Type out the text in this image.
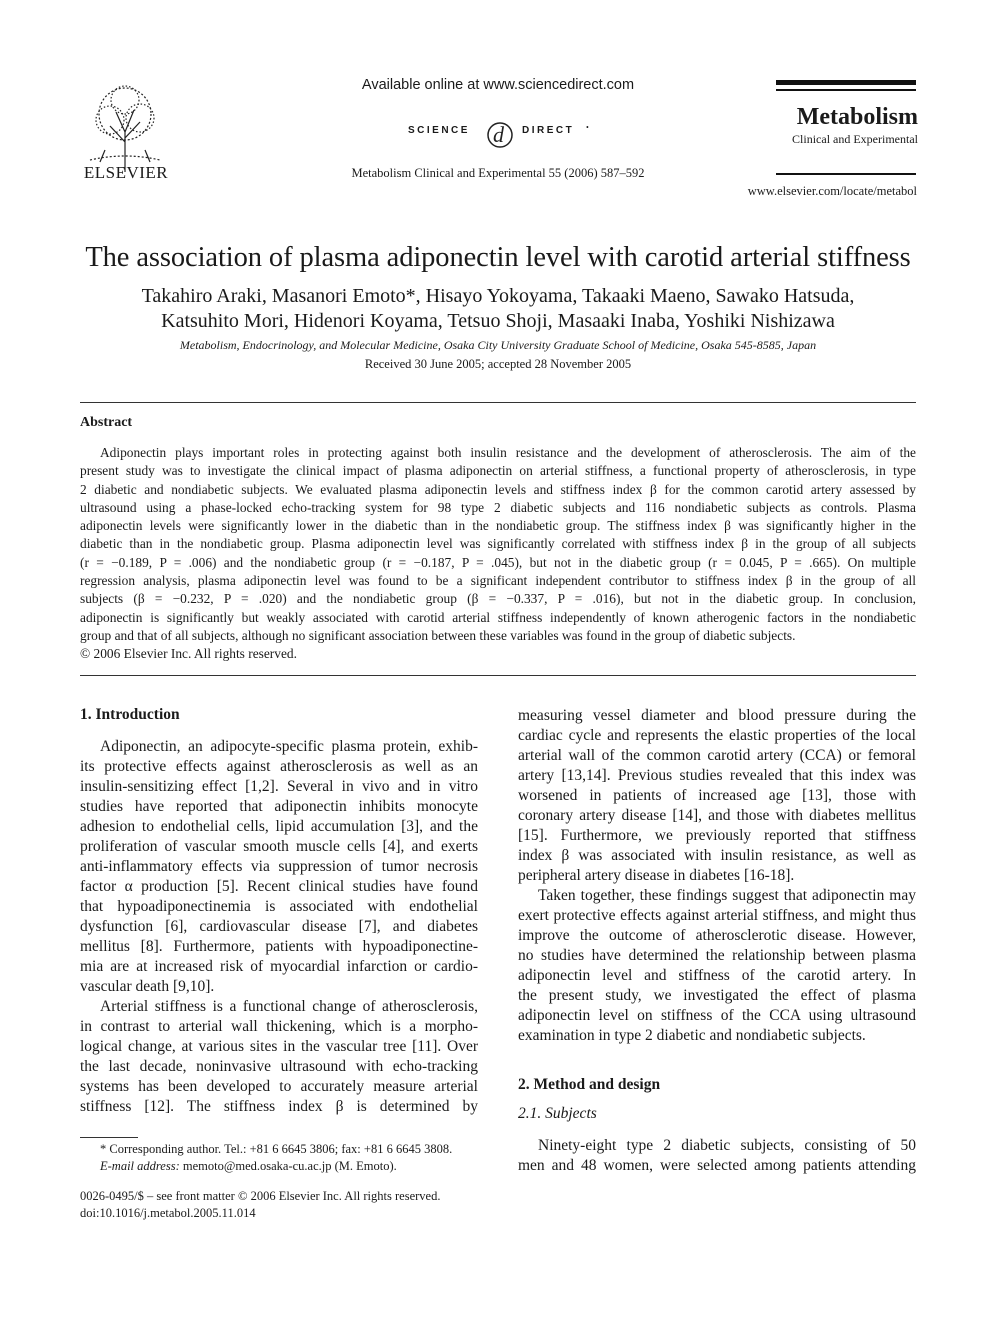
ELSEVIER
Available online at www.sciencedirect.com
SCIENCE d DIRECT •
Metabolism Clinical and Experimental 55 (2006) 587–592
Metabolism
Clinical and Experimental
www.elsevier.com/locate/metabol
The association of plasma adiponectin level with carotid arterial stiffness
Takahiro Araki, Masanori Emoto*, Hisayo Yokoyama, Takaaki Maeno, Sawako Hatsuda,
Katsuhito Mori, Hidenori Koyama, Tetsuo Shoji, Masaaki Inaba, Yoshiki Nishizawa
Metabolism, Endocrinology, and Molecular Medicine, Osaka City University Graduate School of Medicine, Osaka 545-8585, Japan
Received 30 June 2005; accepted 28 November 2005
Abstract
Adiponectin plays important roles in protecting against both insulin resistance and the development of atherosclerosis. The aim of the
present study was to investigate the clinical impact of plasma adiponectin on arterial stiffness, a functional property of atherosclerosis, in type
2 diabetic and nondiabetic subjects. We evaluated plasma adiponectin levels and stiffness index β for the common carotid artery assessed by
ultrasound using a phase-locked echo-tracking system for 98 type 2 diabetic subjects and 116 nondiabetic subjects as controls. Plasma
adiponectin levels were significantly lower in the diabetic than in the nondiabetic group. The stiffness index β was significantly higher in the
diabetic than in the nondiabetic group. Plasma adiponectin level was significantly correlated with stiffness index β in the group of all subjects
(r = −0.189, P = .006) and the nondiabetic group (r = −0.187, P = .045), but not in the diabetic group (r = 0.045, P = .665). On multiple
regression analysis, plasma adiponectin level was found to be a significant independent contributor to stiffness index β in the group of all
subjects (β = −0.232, P = .020) and the nondiabetic group (β = −0.337, P = .016), but not in the diabetic group. In conclusion,
adiponectin is significantly but weakly associated with carotid arterial stiffness independently of known atherogenic factors in the nondiabetic
group and that of all subjects, although no significant association between these variables was found in the group of diabetic subjects.
© 2006 Elsevier Inc. All rights reserved.
1. Introduction
Adiponectin, an adipocyte-specific plasma protein, exhib-
its protective effects against atherosclerosis as well as an
insulin-sensitizing effect [1,2]. Several in vivo and in vitro
studies have reported that adiponectin inhibits monocyte
adhesion to endothelial cells, lipid accumulation [3], and the
proliferation of vascular smooth muscle cells [4], and exerts
anti-inflammatory effects via suppression of tumor necrosis
factor α production [5]. Recent clinical studies have found
that hypoadiponectinemia is associated with endothelial
dysfunction [6], cardiovascular disease [7], and diabetes
mellitus [8]. Furthermore, patients with hypoadiponectine-
mia are at increased risk of myocardial infarction or cardio-
vascular death [9,10].
Arterial stiffness is a functional change of atherosclerosis,
in contrast to arterial wall thickening, which is a morpho-
logical change, at various sites in the vascular tree [11]. Over
the last decade, noninvasive ultrasound with echo-tracking
systems has been developed to accurately measure arterial
stiffness [12]. The stiffness index β is determined by
* Corresponding author. Tel.: +81 6 6645 3806; fax: +81 6 6645 3808.
E-mail address: memoto@med.osaka-cu.ac.jp (M. Emoto).
0026-0495/$ – see front matter © 2006 Elsevier Inc. All rights reserved.
doi:10.1016/j.metabol.2005.11.014
measuring vessel diameter and blood pressure during the
cardiac cycle and represents the elastic properties of the local
arterial wall of the common carotid artery (CCA) or femoral
artery [13,14]. Previous studies revealed that this index was
worsened in patients of increased age [13], those with
coronary artery disease [14], and those with diabetes mellitus
[15]. Furthermore, we previously reported that stiffness
index β was associated with insulin resistance, as well as
peripheral artery disease in diabetes [16-18].
Taken together, these findings suggest that adiponectin may
exert protective effects against arterial stiffness, and might thus
improve the outcome of atherosclerotic disease. However,
no studies have determined the relationship between plasma
adiponectin level and stiffness of the carotid artery. In
the present study, we investigated the effect of plasma
adiponectin level on stiffness of the CCA using ultrasound
examination in type 2 diabetic and nondiabetic subjects.
2. Method and design
2.1. Subjects
Ninety-eight type 2 diabetic subjects, consisting of 50
men and 48 women, were selected among patients attending
